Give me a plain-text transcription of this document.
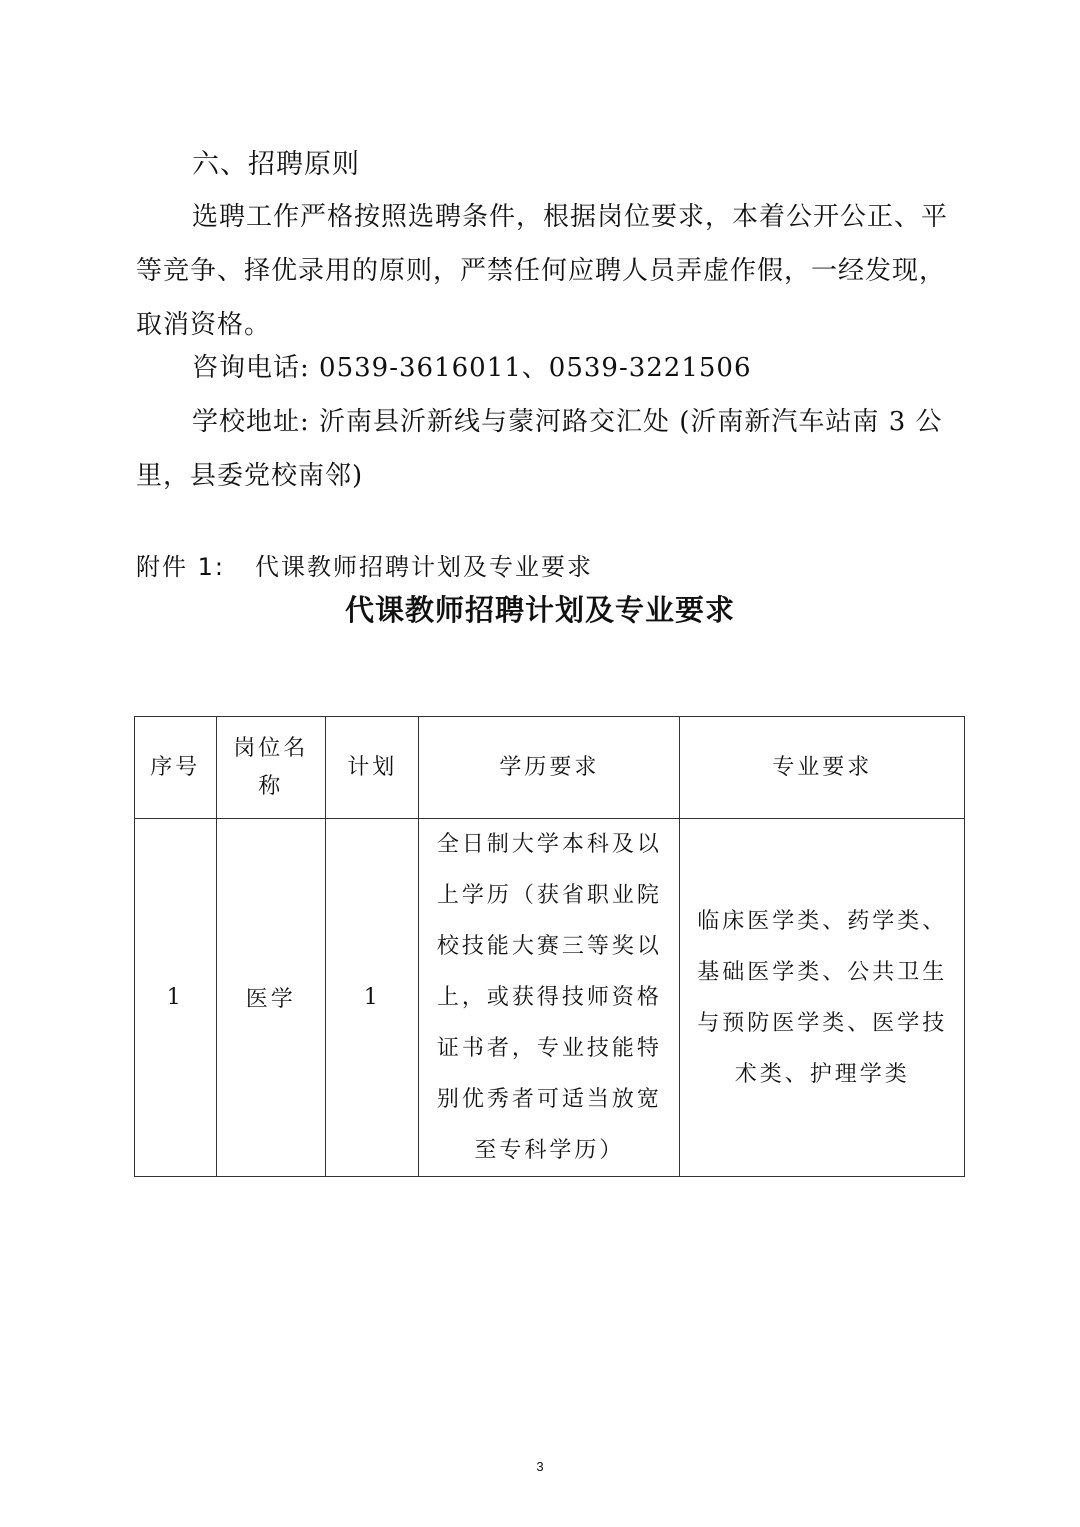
六、招聘原则

选聘工作严格按照选聘条件，根据岗位要求，本着公开公正、平等竞争、择优录用的原则，严禁任何应聘人员弄虚作假，一经发现，取消资格。

咨询电话: 0539-3616011、0539-3221506

学校地址: 沂南县沂新线与蒙河路交汇处 (沂南新汽车站南 3 公里，县委党校南邻)

附件 1: 代课教师招聘计划及专业要求
代课教师招聘计划及专业要求
序号	岗位名称	计划	学历要求	专业要求
1	医学	1	全日制大学本科及以上学历（获省职业院校技能大赛三等奖以上，或获得技师资格证书者，专业技能特别优秀者可适当放宽至专科学历）	临床医学类、药学类、基础医学类、公共卫生与预防医学类、医学技术类、护理学类
3
